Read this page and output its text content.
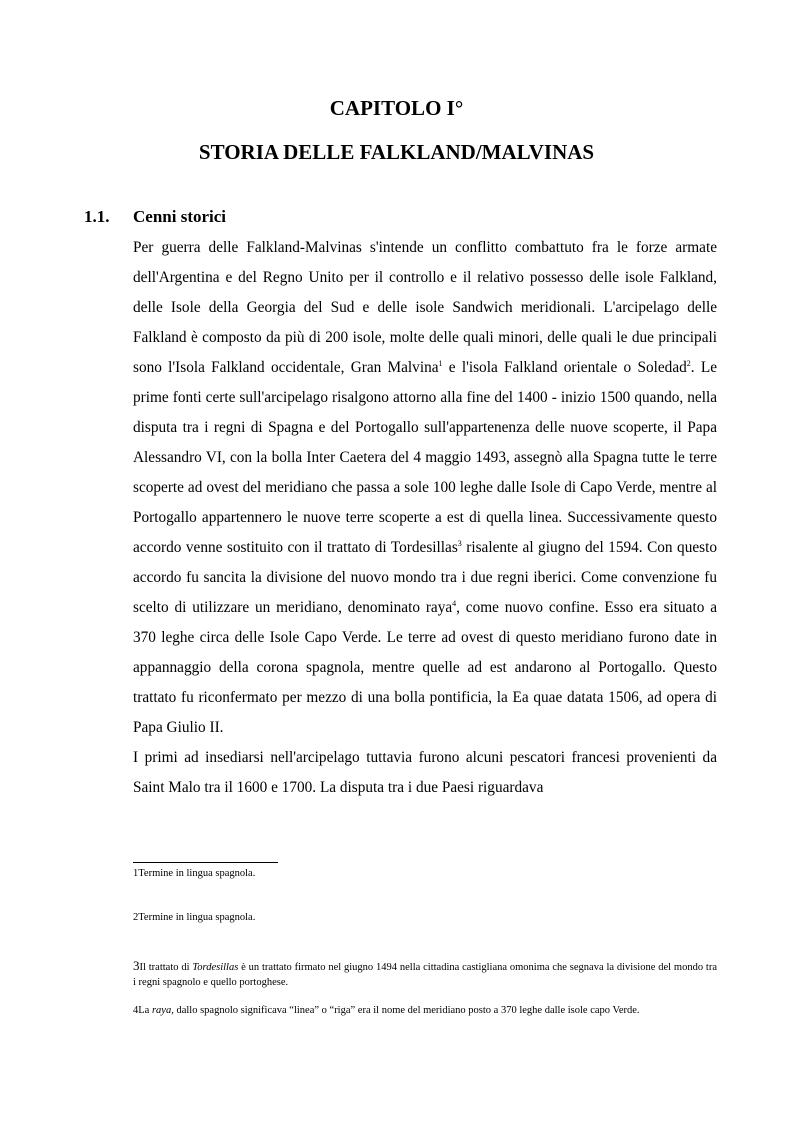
CAPITOLO I°
STORIA DELLE FALKLAND/MALVINAS
1.1. Cenni storici

Per guerra delle Falkland-Malvinas s'intende un conflitto combattuto fra le forze armate dell'Argentina e del Regno Unito per il controllo e il relativo possesso delle isole Falkland, delle Isole della Georgia del Sud e delle isole Sandwich meridionali. L'arcipelago delle Falkland è composto da più di 200 isole, molte delle quali minori, delle quali le due principali sono l'Isola Falkland occidentale, Gran Malvina$^1$ e l'isola Falkland orientale o Soledad$^2$. Le prime fonti certe sull'arcipelago risalgono attorno alla fine del 1400 - inizio 1500 quando, nella disputa tra i regni di Spagna e del Portogallo sull'appartenenza delle nuove scoperte, il Papa Alessandro VI, con la bolla Inter Caetera del 4 maggio 1493, assegnò alla Spagna tutte le terre scoperte ad ovest del meridiano che passa a sole 100 leghe dalle Isole di Capo Verde, mentre al Portogallo appartennero le nuove terre scoperte a est di quella linea. Successivamente questo accordo venne sostituito con il trattato di Tordesillas$^3$ risalente al giugno del 1594. Con questo accordo fu sancita la divisione del nuovo mondo tra i due regni iberici. Come convenzione fu scelto di utilizzare un meridiano, denominato raya$^4$, come nuovo confine. Esso era situato a 370 leghe circa delle Isole Capo Verde. Le terre ad ovest di questo meridiano furono date in appannaggio della corona spagnola, mentre quelle ad est andarono al Portogallo. Questo trattato fu riconfermato per mezzo di una bolla pontificia, la Ea quae datata 1506, ad opera di Papa Giulio II.

I primi ad insediarsi nell'arcipelago tuttavia furono alcuni pescatori francesi provenienti da Saint Malo tra il 1600 e 1700. La disputa tra i due Paesi riguardava

1Termine in lingua spagnola.
2Termine in lingua spagnola.
3Il trattato di Tordesillas è un trattato firmato nel giugno 1494 nella cittadina castigliana omonima che segnava la divisione del mondo tra i regni spagnolo e quello portoghese.
4La raya, dallo spagnolo significava “linea” o “riga” era il nome del meridiano posto a 370 leghe dalle isole capo Verde.
